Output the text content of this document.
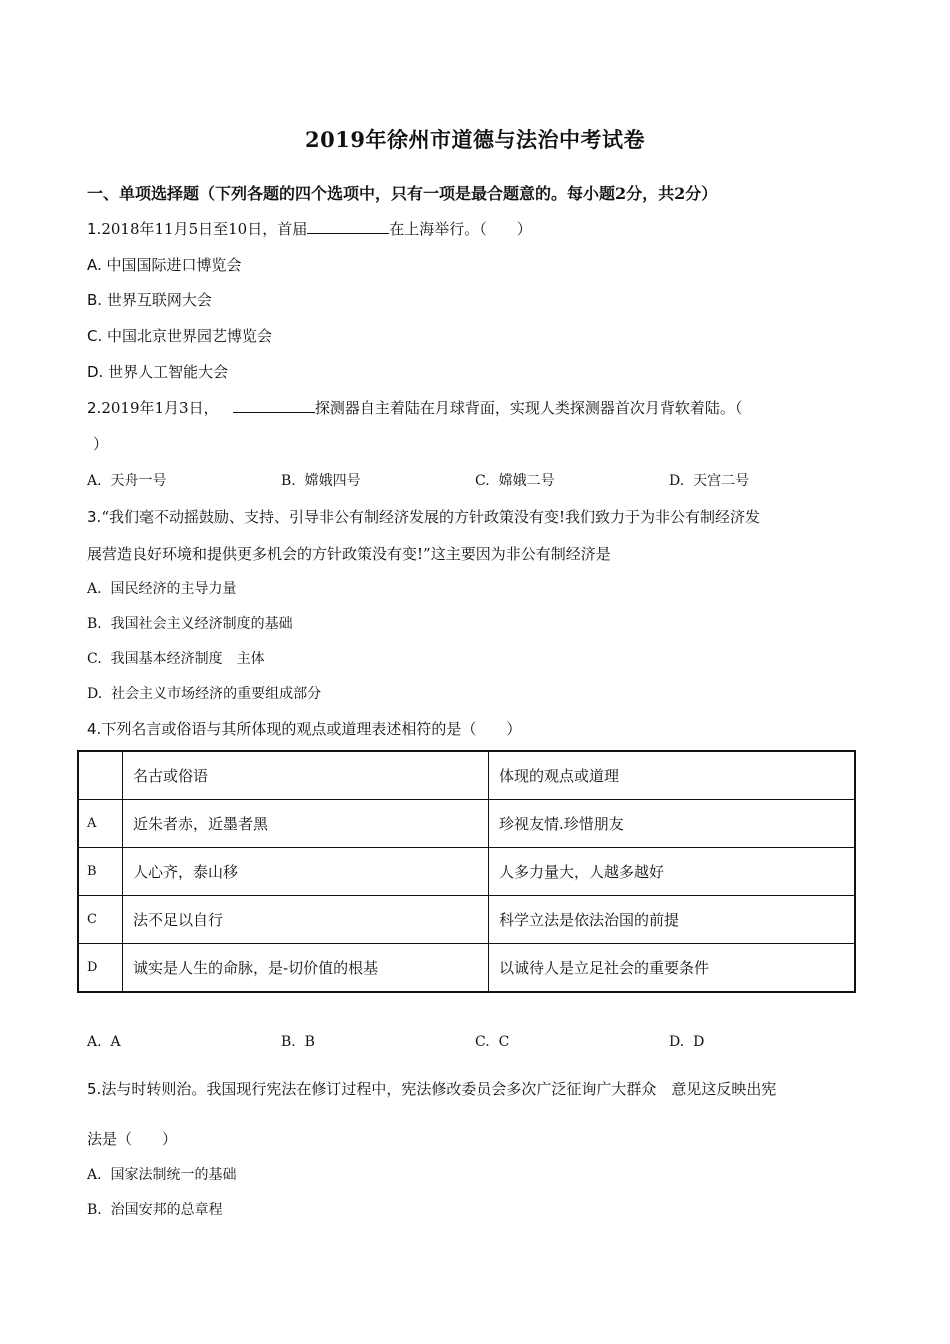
2019年徐州市道德与法治中考试卷
一、单项选择题（下列各题的四个选项中，只有一项是最合题意的。每小题2分，共2分）
1.2018年11月5日至10日，首届	在上海举行。（　　）
A. 中国国际进口博览会
B. 世界互联网大会
C. 中国北京世界园艺博览会
D. 世界人工智能大会
2.2019年1月3日，	探测器自主着陆在月球背面，实现人类探测器首次月背软着陆。（
）
A. 天舟一号	B. 嫦娥四号	C. 嫦娥二号	D. 天宫二号
3.“我们毫不动摇鼓励、支持、引导非公有制经济发展的方针政策没有变!我们致力于为非公有制经济发
展营造良好环境和提供更多机会的方针政策没有变!”这主要因为非公有制经济是
A. 国民经济的主导力量
B. 我国社会主义经济制度的基础
C. 我国基本经济制度　主体
D. 社会主义市场经济的重要组成部分
4.下列名言或俗语与其所体现的观点或道理表述相符的是（　　）
	名古或俗语	体现的观点或道理
A	近朱者赤，近墨者黑	珍视友情.珍惜朋友
B	人心齐，泰山移	人多力量大，人越多越好
C	法不足以自行	科学立法是依法治国的前提
D	诚实是人生的命脉，是-切价值的根基	以诚待人是立足社会的重要条件
A. A	B. B	C. C	D. D
5.法与时转则治。我国现行宪法在修订过程中，宪法修改委员会多次广泛征询广大群众　意见这反映出宪
法是（　　）
A. 国家法制统一的基础
B. 治国安邦的总章程
